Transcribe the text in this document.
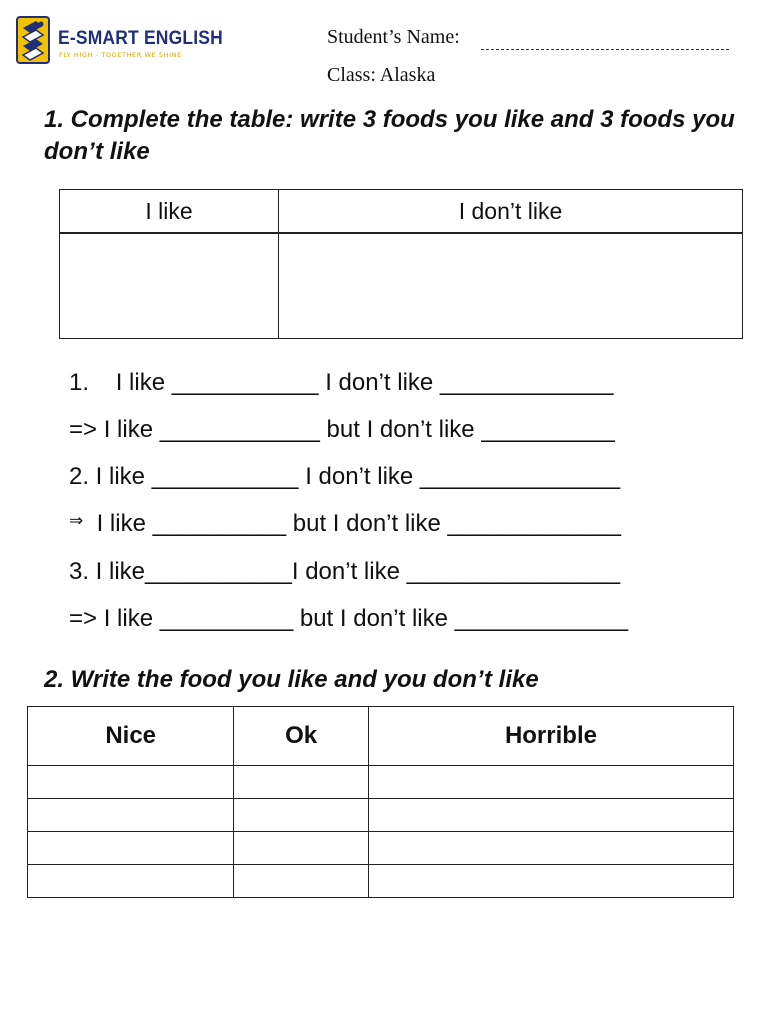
E-SMART ENGLISH
FLY HIGH - TOGETHER WE SHINE
Student’s Name:
Class: Alaska
1. Complete the table: write 3 foods you like and 3 foods you don’t like
I like	I don’t like

1.    I like ___________ I don’t like _____________
=> I like ____________ but I don’t like __________
2. I like ___________ I don’t like _______________
⇒ I like __________ but I don’t like _____________
3. I like___________I don’t like ________________
=> I like __________ but I don’t like _____________
2. Write the food you like and you don’t like
Nice	Ok	Horrible
